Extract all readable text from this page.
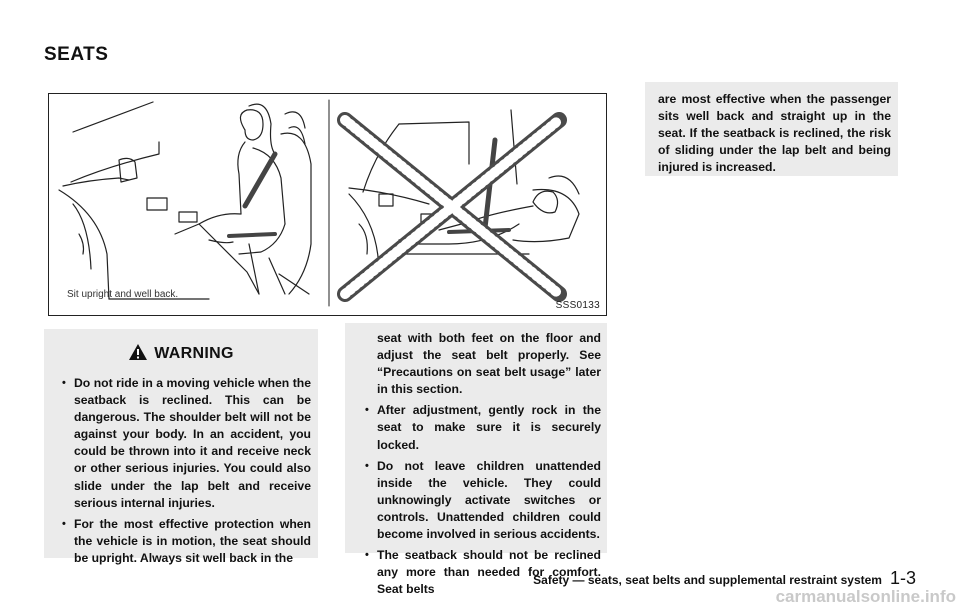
SEATS
Sit upright and well back.
SSS0133
WARNING
• Do not ride in a moving vehicle when the seatback is reclined. This can be dangerous. The shoulder belt will not be against your body. In an accident, you could be thrown into it and receive neck or other serious injuries. You could also slide under the lap belt and receive serious internal injuries.
• For the most effective protection when the vehicle is in motion, the seat should be upright. Always sit well back in the
seat with both feet on the floor and adjust the seat belt properly. See “Precautions on seat belt usage” later in this section.
• After adjustment, gently rock in the seat to make sure it is securely locked.
• Do not leave children unattended inside the vehicle. They could unknowingly activate switches or controls. Unattended children could become involved in serious accidents.
• The seatback should not be reclined any more than needed for comfort. Seat belts
are most effective when the passenger sits well back and straight up in the seat. If the seatback is reclined, the risk of sliding under the lap belt and being injured is increased.
Safety — seats, seat belts and supplemental restraint system 1-3
carmanualsonline.info
